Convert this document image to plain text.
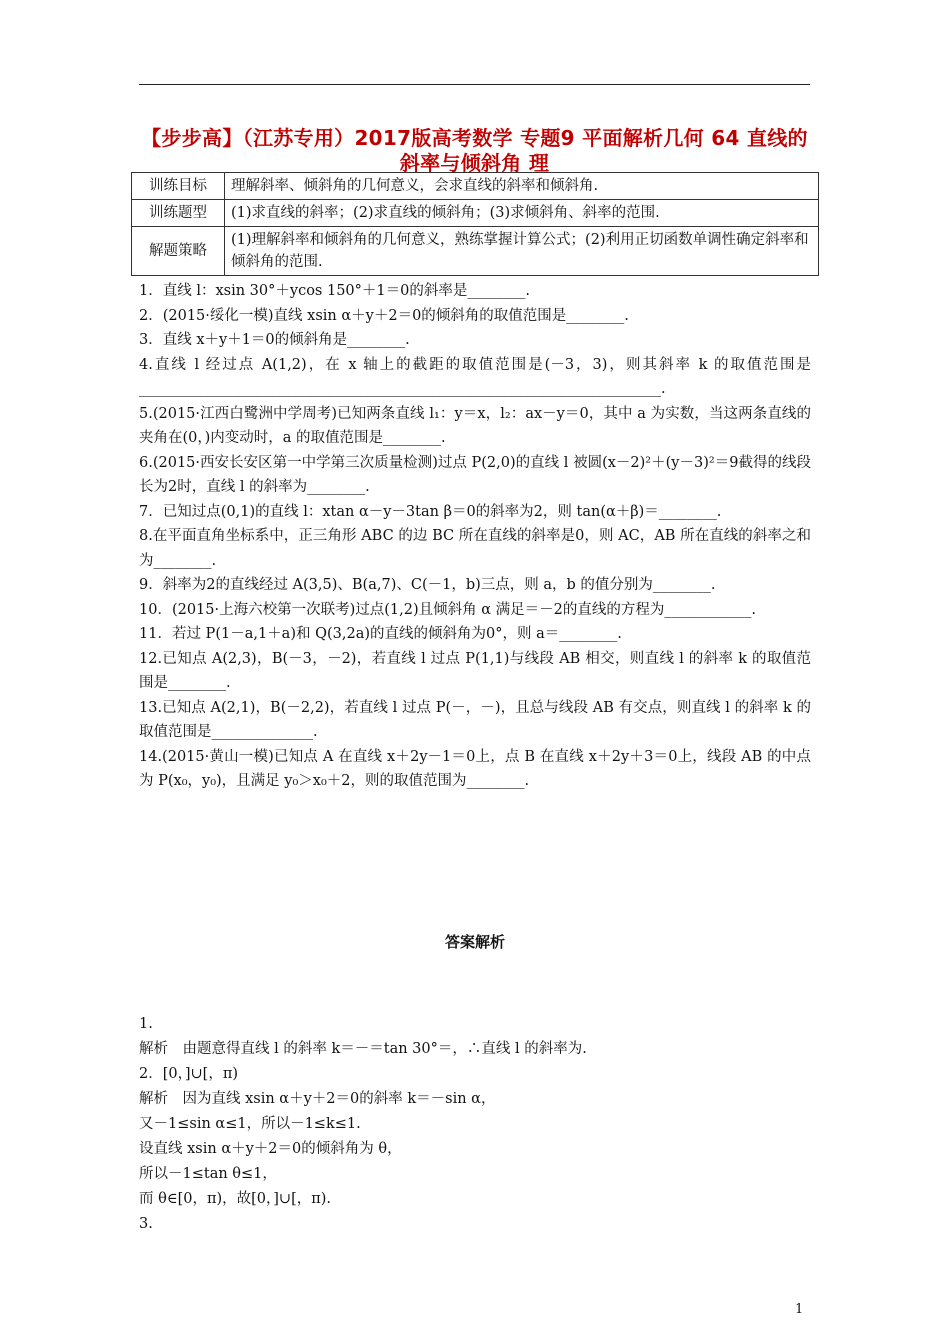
【步步高】（江苏专用）2017版高考数学 专题9 平面解析几何 64 直线的斜率与倾斜角 理
训练目标	理解斜率、倾斜角的几何意义，会求直线的斜率和倾斜角.
训练题型	(1)求直线的斜率；(2)求直线的倾斜角；(3)求倾斜角、斜率的范围.
解题策略	(1)理解斜率和倾斜角的几何意义，熟练掌握计算公式；(2)利用正切函数单调性确定斜率和倾斜角的范围.

1．直线 l：xsin 30°＋ycos 150°＋1＝0的斜率是________.

2．(2015·绥化一模)直线 xsin α＋y＋2＝0的倾斜角的取值范围是________.

3．直线 x＋y＋1＝0的倾斜角是________.

4.直线 l 经过点 A(1,2)，在 x 轴上的截距的取值范围是(－3，3)，则其斜率 k 的取值范围是________________________________________________________________________.

5.(2015·江西白鹭洲中学周考)已知两条直线 l₁：y＝x，l₂：ax－y＝0，其中 a 为实数，当这两条直线的夹角在(0，)内变动时，a 的取值范围是________.

6.(2015·西安长安区第一中学第三次质量检测)过点 P(2,0)的直线 l 被圆(x－2)²＋(y－3)²＝9截得的线段长为2时，直线 l 的斜率为________.

7．已知过点(0,1)的直线 l：xtan α－y－3tan β＝0的斜率为2，则 tan(α＋β)＝________.

8.在平面直角坐标系中，正三角形 ABC 的边 BC 所在直线的斜率是0，则 AC，AB 所在直线的斜率之和为________.

9．斜率为2的直线经过 A(3,5)、B(a,7)、C(－1，b)三点，则 a，b 的值分别为________.

10．(2015·上海六校第一次联考)过点(1,2)且倾斜角 α 满足＝－2的直线的方程为____________.

11．若过 P(1－a,1＋a)和 Q(3,2a)的直线的倾斜角为0°，则 a＝________.

12.已知点 A(2,3)，B(－3，－2)，若直线 l 过点 P(1,1)与线段 AB 相交，则直线 l 的斜率 k 的取值范围是________.

13.已知点 A(2,1)，B(－2,2)，若直线 l 过点 P(－，－)，且总与线段 AB 有交点，则直线 l 的斜率 k 的取值范围是______________.

14.(2015·黄山一模)已知点 A 在直线 x＋2y－1＝0上，点 B 在直线 x＋2y＋3＝0上，线段 AB 的中点为 P(x₀，y₀)，且满足 y₀＞x₀＋2，则的取值范围为________.

答案解析

1.

解析　由题意得直线 l 的斜率 k＝－＝tan 30°＝，∴直线 l 的斜率为.

2．[0，]∪[，π)

解析　因为直线 xsin α＋y＋2＝0的斜率 k＝－sin α，

又－1≤sin α≤1，所以－1≤k≤1.

设直线 xsin α＋y＋2＝0的倾斜角为 θ，

所以－1≤tan θ≤1，

而 θ∈[0，π)，故[0，]∪[，π).

3.

1
